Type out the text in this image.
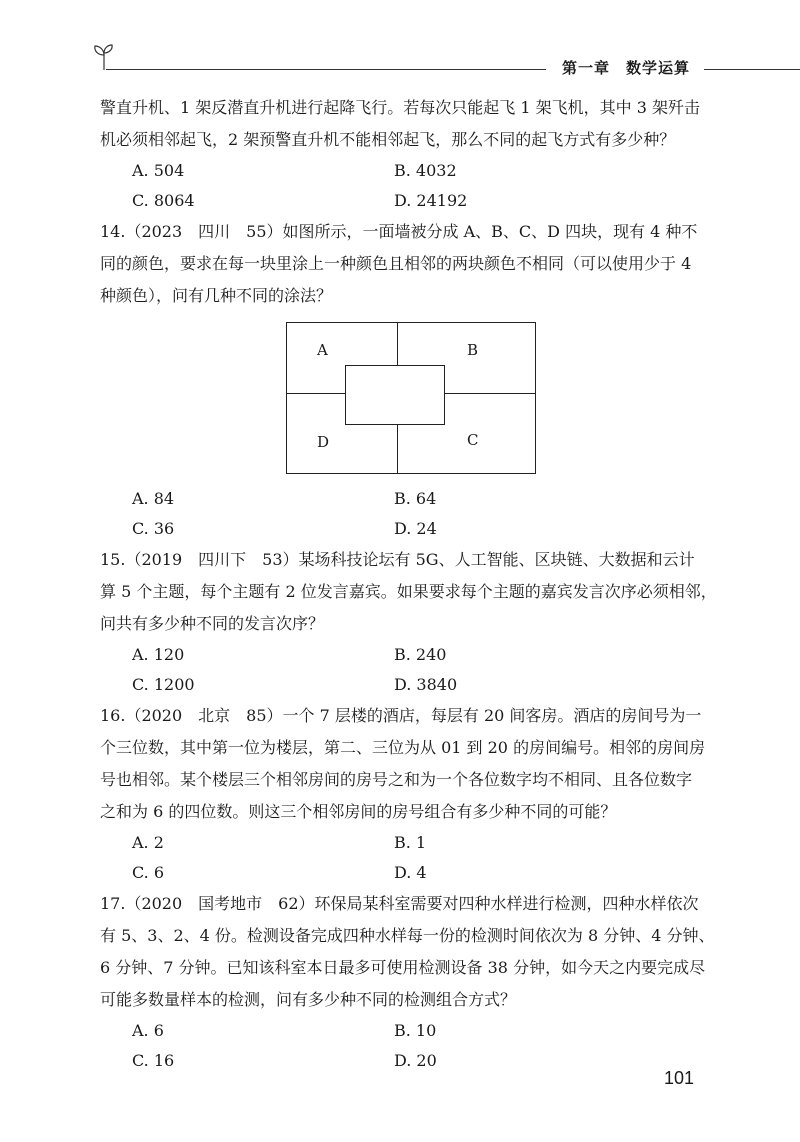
第一章 数学运算

警直升机、1 架反潜直升机进行起降飞行。若每次只能起飞 1 架飞机，其中 3 架歼击

机必须相邻起飞，2 架预警直升机不能相邻起飞，那么不同的起飞方式有多少种？

A. 504	B. 4032
C. 8064	D. 24192

14.（2023　四川　55）如图所示，一面墙被分成 A、B、C、D 四块，现有 4 种不

同的颜色，要求在每一块里涂上一种颜色且相邻的两块颜色不相同（可以使用少于 4

种颜色），问有几种不同的涂法？

A	B
C
D
A. 84	B. 64
C. 36	D. 24

15.（2019　四川下　53）某场科技论坛有 5G、人工智能、区块链、大数据和云计

算 5 个主题，每个主题有 2 位发言嘉宾。如果要求每个主题的嘉宾发言次序必须相邻，

问共有多少种不同的发言次序？

A. 120	B. 240
C. 1200	D. 3840

16.（2020　北京　85）一个 7 层楼的酒店，每层有 20 间客房。酒店的房间号为一

个三位数，其中第一位为楼层，第二、三位为从 01 到 20 的房间编号。相邻的房间房

号也相邻。某个楼层三个相邻房间的房号之和为一个各位数字均不相同、且各位数字

之和为 6 的四位数。则这三个相邻房间的房号组合有多少种不同的可能？

A. 2	B. 1
C. 6	D. 4

17.（2020　国考地市　62）环保局某科室需要对四种水样进行检测，四种水样依次

有 5、3、2、4 份。检测设备完成四种水样每一份的检测时间依次为 8 分钟、4 分钟、

6 分钟、7 分钟。已知该科室本日最多可使用检测设备 38 分钟，如今天之内要完成尽

可能多数量样本的检测，问有多少种不同的检测组合方式？

A. 6	B. 10
C. 16	D. 20
101
